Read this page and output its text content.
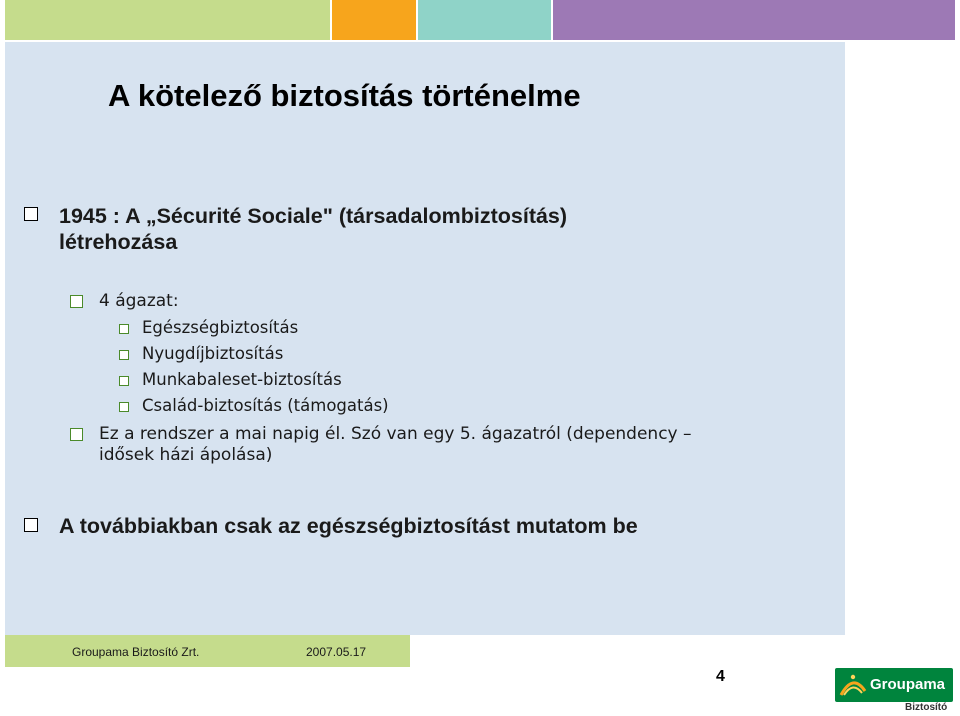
A kötelező biztosítás történelme
1945 : A „Sécurité Sociale" (társadalombiztosítás)
létrehozása
4 ágazat:
Egészségbiztosítás
Nyugdíjbiztosítás
Munkabaleset-biztosítás
Család-biztosítás (támogatás)
Ez a rendszer a mai napig él. Szó van egy 5. ágazatról (dependency –
idősek házi ápolása)
A továbbiakban csak az egészségbiztosítást mutatom be
Groupama Biztosító Zrt.	2007.05.17
4	Groupama
Biztosító
